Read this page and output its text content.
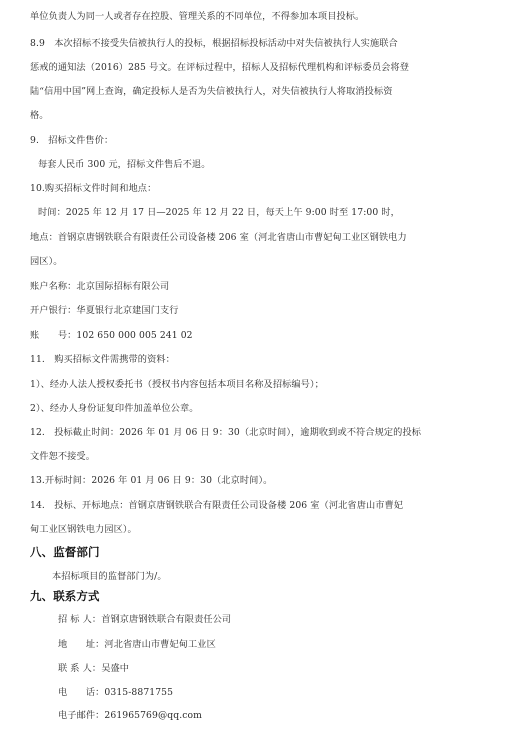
单位负责人为同一人或者存在控股、管理关系的不同单位，不得参加本项目投标。
8.9　本次招标不接受失信被执行人的投标，根据招标投标活动中对失信被执行人实施联合
惩戒的通知法（2016）285 号文。在评标过程中，招标人及招标代理机构和评标委员会将登
陆“信用中国”网上查询，确定投标人是否为失信被执行人，对失信被执行人将取消投标资
格。
9.　招标文件售价：
每套人民币 300 元，招标文件售后不退。
10.购买招标文件时间和地点：
时间：2025 年 12 月 17 日—2025 年 12 月 22 日，每天上午 9:00 时至 17:00 时，
地点：首钢京唐钢铁联合有限责任公司设备楼 206 室（河北省唐山市曹妃甸工业区钢铁电力
园区）。
账户名称：北京国际招标有限公司
开户银行：华夏银行北京建国门支行
账　　号：102 650 000 005 241 02
11.　购买招标文件需携带的资料：
1）、经办人法人授权委托书（授权书内容包括本项目名称及招标编号）；
2）、经办人身份证复印件加盖单位公章。
12.　投标截止时间：2026 年 01 月 06 日 9：30（北京时间），逾期收到或不符合规定的投标
文件恕不接受。
13.开标时间：2026 年 01 月 06 日 9：30（北京时间）。
14.　投标、开标地点：首钢京唐钢铁联合有限责任公司设备楼 206 室（河北省唐山市曹妃
甸工业区钢铁电力园区）。
八、监督部门
本招标项目的监督部门为/。
九、联系方式
招 标 人：首钢京唐钢铁联合有限责任公司
地　　址：河北省唐山市曹妃甸工业区
联 系 人：吴盛中
电　　话：0315-8871755
电子邮件：261965769@qq.com
